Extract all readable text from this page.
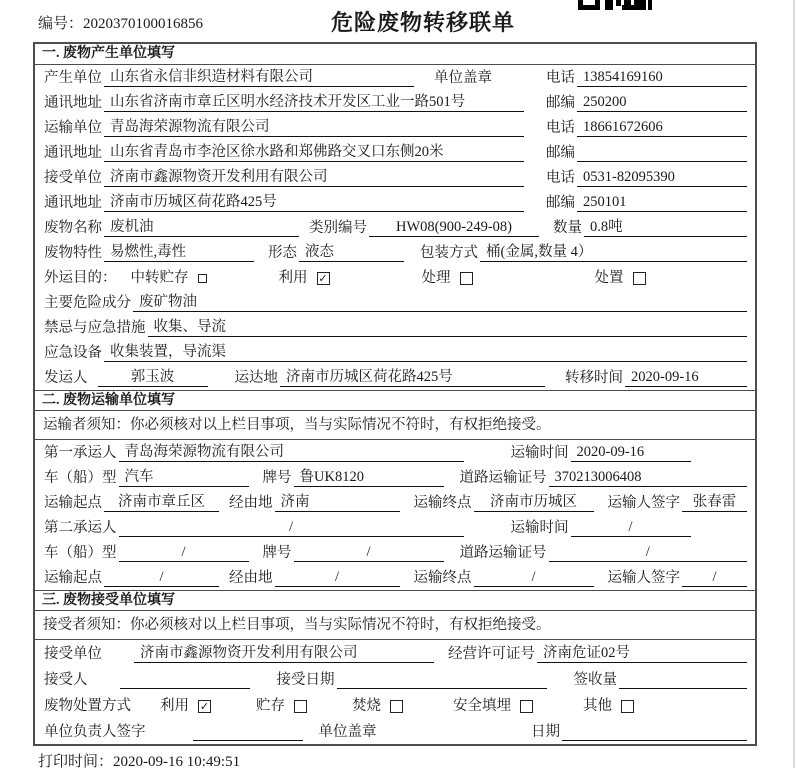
编号：2020370100016856	危险废物转移联单
一. 废物产生单位填写
产生单位 山东省永信非织造材料有限公司	单位盖章	电话 13854169160
通讯地址 山东省济南市章丘区明水经济技术开发区工业一路501号	邮编 250200
运输单位 青岛海荣源物流有限公司	电话 18661672606
通讯地址 山东省青岛市李沧区徐水路和郑佛路交叉口东侧20米	邮编
接受单位 济南市鑫源物资开发利用有限公司	电话 0531-82095390
通讯地址 济南市历城区荷花路425号	邮编 250101
废物名称 废机油	类别编号	HW08(900-249-08)	数量 0.8吨
废物特性 易燃性,毒性	形态 液态	包装方式 桶(金属,数量 4）
外运目的： 中转贮存	利用 ✓	处理	处置
主要危险成分 废矿物油
禁忌与应急措施 收集、导流
应急设备 收集装置，导流渠
发运人	郭玉波	运达地 济南市历城区荷花路425号	转移时间 2020-09-16
二. 废物运输单位填写
运输者须知：你必须核对以上栏目事项，当与实际情况不符时，有权拒绝接受。
第一承运人 青岛海荣源物流有限公司	运输时间 2020-09-16
车（船）型 汽车	牌号 鲁UK8120	道路运输证号 370213006408
运输起点	济南市章丘区	经由地 济南	运输终点	济南市历城区	运输人签字 张春雷
第二承运人	/	运输时间	/
车（船）型	/	牌号	/	道路运输证号	/
运输起点	/	经由地	/	运输终点	/	运输人签字	/
三. 废物接受单位填写
接受者须知：你必须核对以上栏目事项，当与实际情况不符时，有权拒绝接受。
接受单位	济南市鑫源物资开发利用有限公司	经营许可证号 济南危证02号
接受人	接受日期	签收量
废物处置方式 利用 ✓	贮存	焚烧	安全填埋	其他
单位负责人签字	单位盖章	日期
打印时间：2020-09-16 10:49:51
